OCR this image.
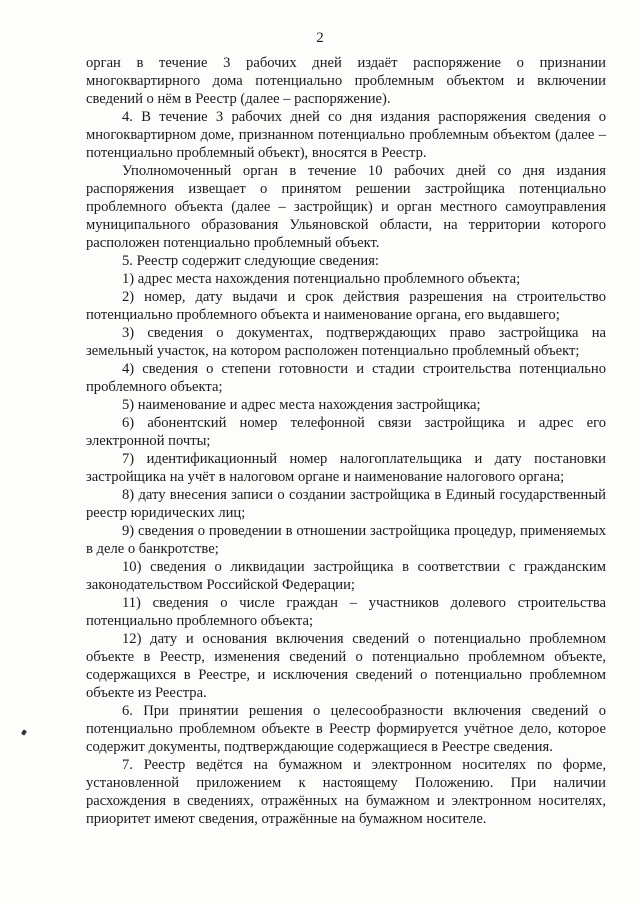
2

орган в течение 3 рабочих дней издаёт распоряжение о признании многоквартирного дома потенциально проблемным объектом и включении сведений о нём в Реестр (далее – распоряжение).

4. В течение 3 рабочих дней со дня издания распоряжения сведения о многоквартирном доме, признанном потенциально проблемным объектом (далее – потенциально проблемный объект), вносятся в Реестр.

Уполномоченный орган в течение 10 рабочих дней со дня издания распоряжения извещает о принятом решении застройщика потенциально проблемного объекта (далее – застройщик) и орган местного самоуправления муниципального образования Ульяновской области, на территории которого расположен потенциально проблемный объект.

5. Реестр содержит следующие сведения:

1) адрес места нахождения потенциально проблемного объекта;

2) номер, дату выдачи и срок действия разрешения на строительство потенциально проблемного объекта и наименование органа, его выдавшего;

3) сведения о документах, подтверждающих право застройщика на земельный участок, на котором расположен потенциально проблемный объект;

4) сведения о степени готовности и стадии строительства потенциально проблемного объекта;

5) наименование и адрес места нахождения застройщика;

6) абонентский номер телефонной связи застройщика и адрес его электронной почты;

7) идентификационный номер налогоплательщика и дату постановки застройщика на учёт в налоговом органе и наименование налогового органа;

8) дату внесения записи о создании застройщика в Единый государственный реестр юридических лиц;

9) сведения о проведении в отношении застройщика процедур, применяемых в деле о банкротстве;

10) сведения о ликвидации застройщика в соответствии с гражданским законодательством Российской Федерации;

11) сведения о числе граждан – участников долевого строительства потенциально проблемного объекта;

12) дату и основания включения сведений о потенциально проблемном объекте в Реестр, изменения сведений о потенциально проблемном объекте, содержащихся в Реестре, и исключения сведений о потенциально проблемном объекте из Реестра.

6. При принятии решения о целесообразности включения сведений о потенциально проблемном объекте в Реестр формируется учётное дело, которое содержит документы, подтверждающие содержащиеся в Реестре сведения.

7. Реестр ведётся на бумажном и электронном носителях по форме, установленной приложением к настоящему Положению. При наличии расхождения в сведениях, отражённых на бумажном и электронном носителях, приоритет имеют сведения, отражённые на бумажном носителе.
